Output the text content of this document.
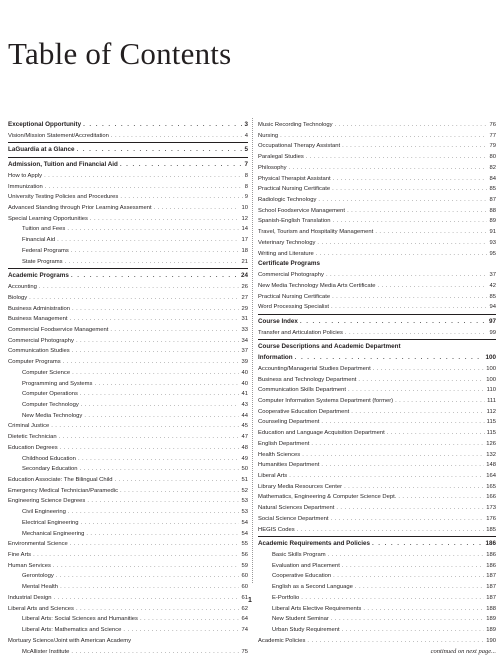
Table of Contents
Exceptional Opportunity . . .	3
Vision/Mission Statement/Accreditation . . .	4
LaGuardia at a Glance . . .	5
Admission, Tuition and Financial Aid . . .	7
How to Apply . . .	8
Immunization . . .	8
University Testing Policies and Procedures . . .	9
Advanced Standing through Prior Learning Assessment . . .	10
Special Learning Opportunities . . .	12
Tuition and Fees . . .	14
Financial Aid . . .	17
Federal Programs . . .	18
State Programs . . .	21
Academic Programs . . .	24
Accounting . . .	26
Biology . . .	27
Business Administration . . .	29
Business Management . . .	31
Commercial Foodservice Management . . .	33
Commercial Photography . . .	34
Communication Studies . . .	37
Computer Programs . . .	39
Computer Science . . .	40
Programming and Systems . . .	40
Computer Operations . . .	41
Computer Technology . . .	43
New Media Technology . . .	44
Criminal Justice . . .	45
Dietetic Technician . . .	47
Education Degrees . . .	48
Childhood Education . . .	49
Secondary Education . . .	50
Education Associate: The Bilingual Child . . .	51
Emergency Medical Technician/Paramedic . . .	52
Engineering Science Degrees . . .	53
Civil Engineering . . .	53
Electrical Engineering . . .	54
Mechanical Engineering . . .	54
Environmental Science . . .	55
Fine Arts . . .	56
Human Services . . .	59
Gerontology . . .	60
Mental Health . . .	60
Industrial Design . . .	61
Liberal Arts and Sciences . . .	62
Liberal Arts: Social Sciences and Humanities . . .	64
Liberal Arts: Mathematics and Science . . .	74
Mortuary Science/Joint with American Academy
McAllister Institute . . .	75
Music Recording Technology . . .	76
Nursing . . .	77
Occupational Therapy Assistant . . .	79
Paralegal Studies . . .	80
Philosophy . . .	82
Physical Therapist Assistant . . .	84
Practical Nursing Certificate . . .	85
Radiologic Technology . . .	87
School Foodservice Management . . .	88
Spanish-English Translation . . .	89
Travel, Tourism and Hospitality Management . . .	91
Veterinary Technology . . .	93
Writing and Literature . . .	95
Certificate Programs
Commercial Photography . . .	37
New Media Technology Media Arts Certificate . . .	42
Practical Nursing Certificate . . .	85
Word Processing Specialist . . .	94
Course Index . . .	97
Transfer and Articulation Policies . . .	99
Course Descriptions and Academic Department
Information . . .	100
Accounting/Managerial Studies Department . . .	100
Business and Technology Department . . .	100
Communication Skills Department . . .	110
Computer Information Systems Department (former) . . .	111
Cooperative Education Department . . .	112
Counseling Department . . .	115
Education and Language Acquisition Department . . .	115
English Department . . .	126
Health Sciences . . .	132
Humanities Department . . .	148
Liberal Arts . . .	164
Library Media Resources Center . . .	165
Mathematics, Engineering & Computer Science Dept. . . .	166
Natural Sciences Department . . .	173
Social Science Department . . .	176
HEGIS Codes . . .	185
Academic Requirements and Policies . . .	186
Basic Skills Program . . .	186
Evaluation and Placement . . .	186
Cooperative Education . . .	187
English as a Second Language . . .	187
E-Portfolio . . .	187
Liberal Arts Elective Requirements . . .	188
New Student Seminar . . .	189
Urban Study Requirement . . .	189
Academic Policies . . .	190
continued on next page...
1
